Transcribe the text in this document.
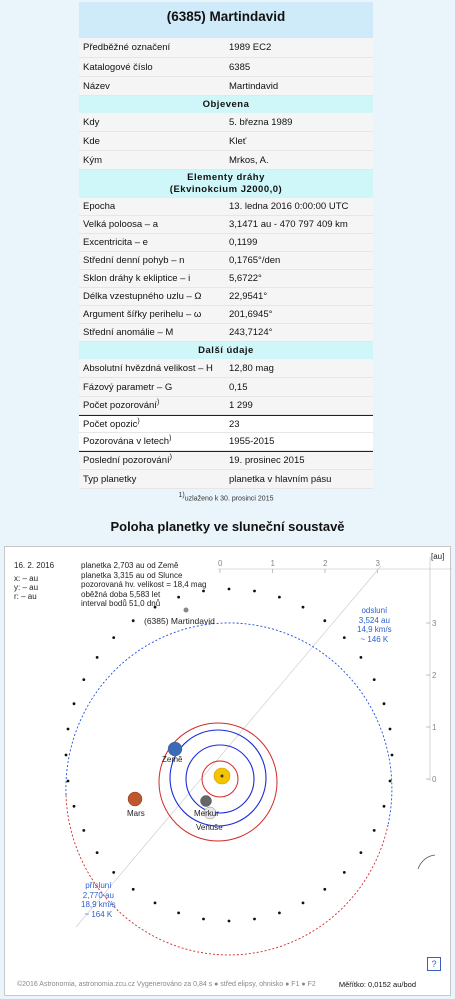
(6385) Martindavid
Předběžné označení	1989 EC2
Katalogové číslo	6385
Název	Martindavid
Objevena
Kdy	5. března 1989
Kde	Kleť
Kým	Mrkos, A.
Elementy dráhy
(Ekvinokcium J2000,0)
Epocha	13. ledna 2016 0:00:00 UTC
Velká poloosa – a	3,1471 au - 470 797 409 km
Excentricita – e	0,1199
Střední denní pohyb – n	0,1765°/den
Sklon dráhy k ekliptice – i	5,6722°
Délka vzestupného uzlu – Ω	22,9541°
Argument šířky perihelu – ω	201,6945°
Střední anomálie – M	243,7124°
Další údaje
Absolutní hvězdná velikost – H	12,80 mag
Fázový parametr – G	0,15
Počet pozorování)	1 299
Počet opozic)	23
Pozorována v letech)	1955-2015
Poslední pozorování)	19. prosinec 2015
Typ planetky	planetka v hlavním pásu
1)uzlaženo k 30. prosinci 2015
Poloha planetky ve sluneční soustavě
0	1	2	3
3
2
1
0
16. 2. 2016
x: – au
y: – au
r: – au
planetka 2,703 au od Země
planetka 3,315 au od Slunce
pozorovaná hv. velikost = 18,4 mag
oběžná doba 5,583 let
interval bodů 51,0 dnů
(6385) Martindavid
odsluní
3,524 au
14,9 km/s
~ 146 K
přísluní
2,770 au
18,9 km/s
~ 164 K
Země
Mars	Merkur
Venuše
[au]
©2016 Astronomia, astronomia.zcu.cz Vygenerováno za 0,84 s ● střed elipsy, ohnisko ● F1 ● F2	Měřítko: 0,0152 au/bod
?
